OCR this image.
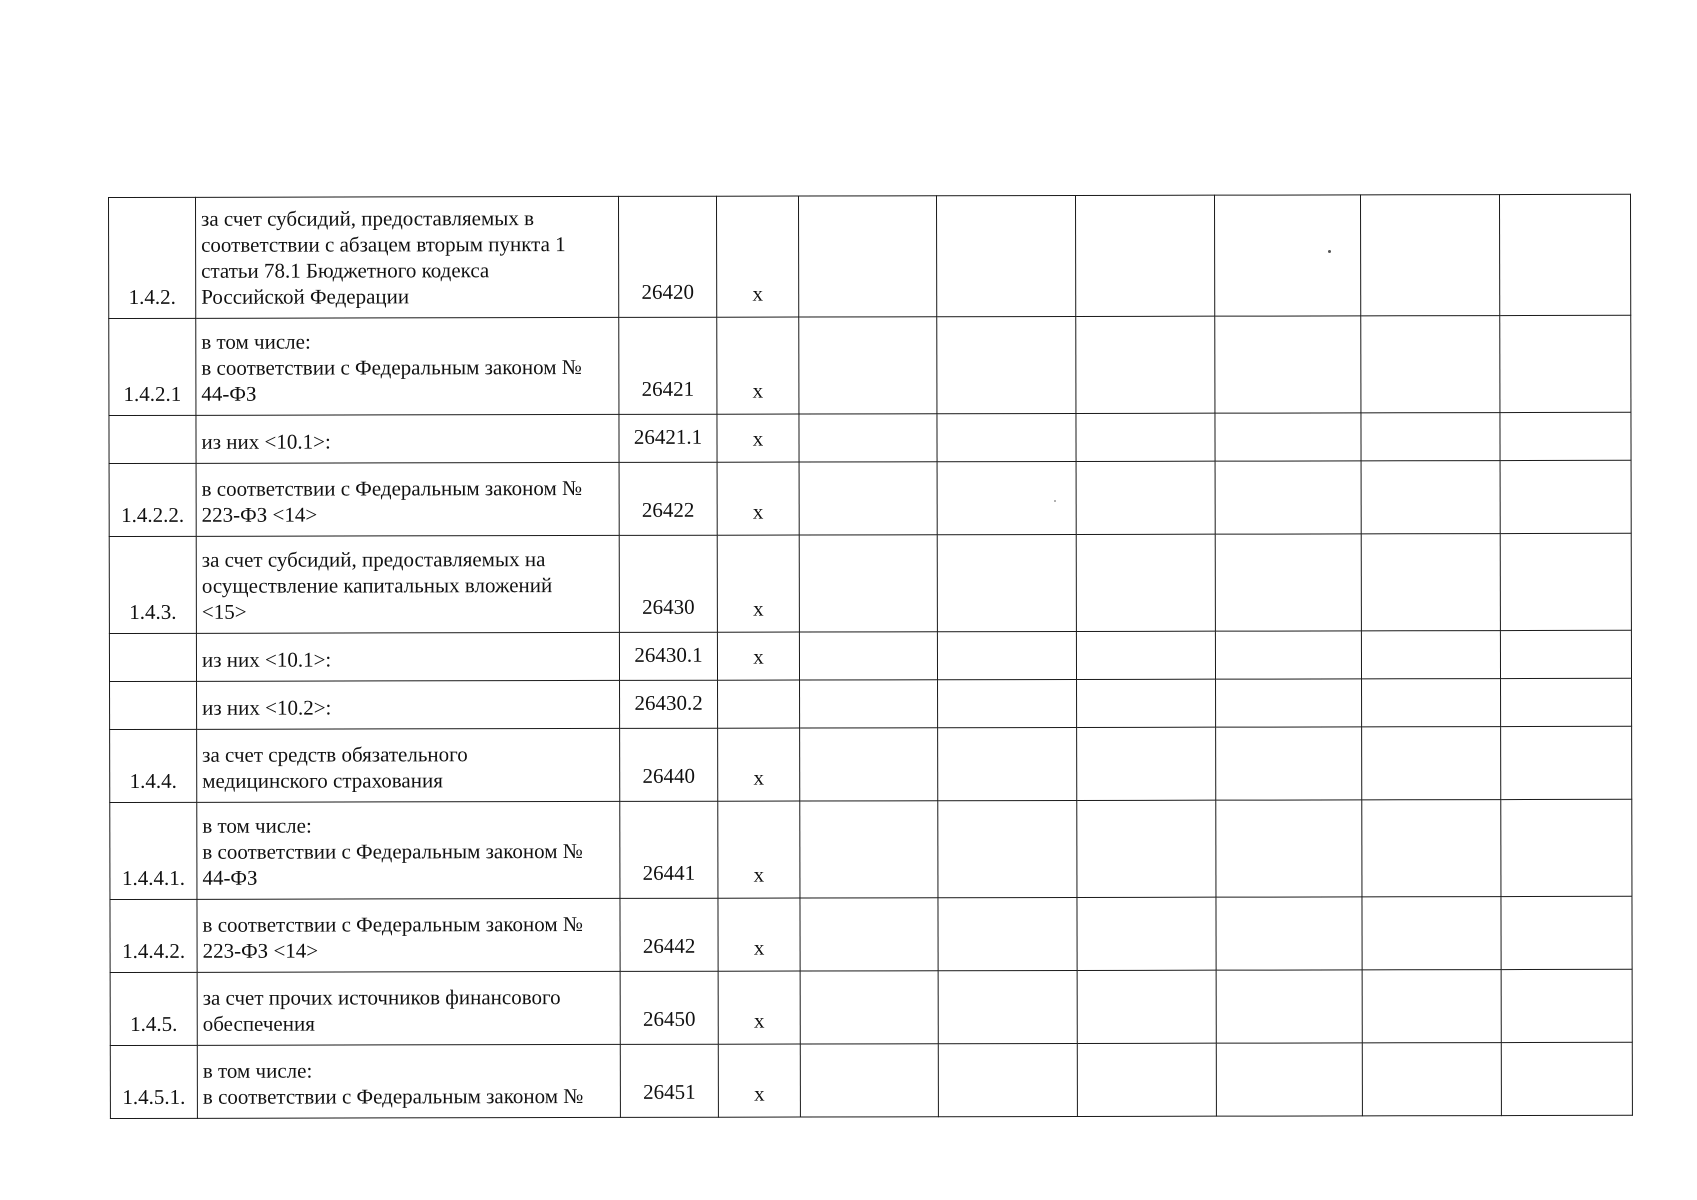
1.4.2.	за счет субсидий, предоставляемых в
соответствии с абзацем вторым пункта 1
статьи 78.1 Бюджетного кодекса
Российской Федерации	26420	x						
1.4.2.1	в том числе:
в соответствии с Федеральным законом №
44-ФЗ	26421	x						
	из них <10.1>:	26421.1	x						
1.4.2.2.	в соответствии с Федеральным законом №
223-ФЗ <14>	26422	x						
1.4.3.	за счет субсидий, предоставляемых на
осуществление капитальных вложений
<15>	26430	x						
	из них <10.1>:	26430.1	x						
	из них <10.2>:	26430.2							
1.4.4.	за счет средств обязательного
медицинского страхования	26440	x						
1.4.4.1.	в том числе:
в соответствии с Федеральным законом №
44-ФЗ	26441	x						
1.4.4.2.	в соответствии с Федеральным законом №
223-ФЗ <14>	26442	x						
1.4.5.	за счет прочих источников финансового
обеспечения	26450	x						
1.4.5.1.	в том числе:
в соответствии с Федеральным законом №	26451	x						
